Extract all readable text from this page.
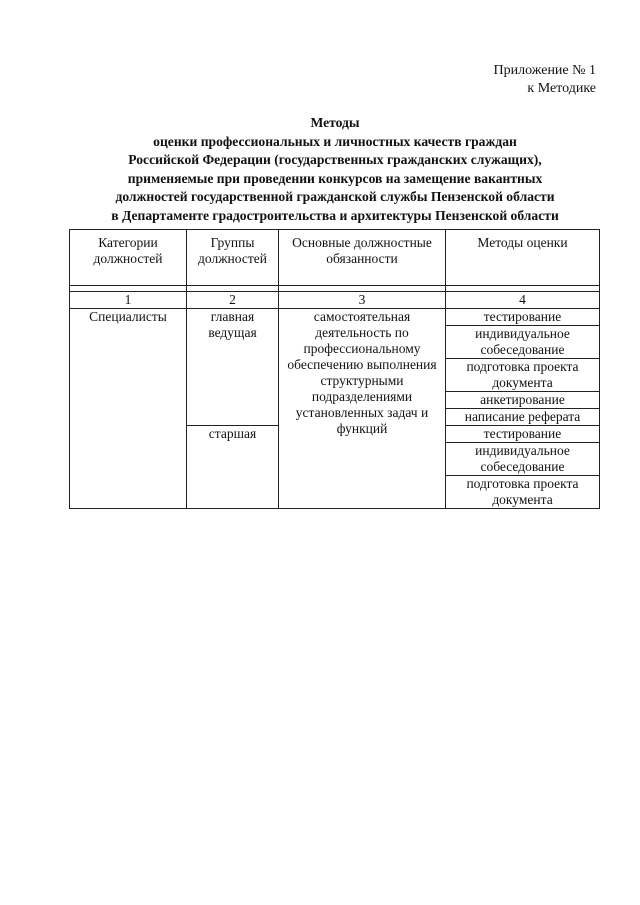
Приложение № 1
к Методике
Методы
оценки профессиональных и личностных качеств граждан
Российской Федерации (государственных гражданских служащих),
применяемые при проведении конкурсов на замещение вакантных
должностей государственной гражданской службы Пензенской области
в Департаменте градостроительства и архитектуры Пензенской области
Категории должностей	Группы должностей	Основные должностные обязанности	Методы оценки

1	2	3	4
Специалисты	главная ведущая	самостоятельная деятельность по профессиональному обеспечению выполнения структурными подразделениями установленных задач и функций	тестирование
			индивидуальное собеседование
			подготовка проекта документа
			анкетирование
			написание реферата
	старшая		тестирование
			индивидуальное собеседование
			подготовка проекта документа
